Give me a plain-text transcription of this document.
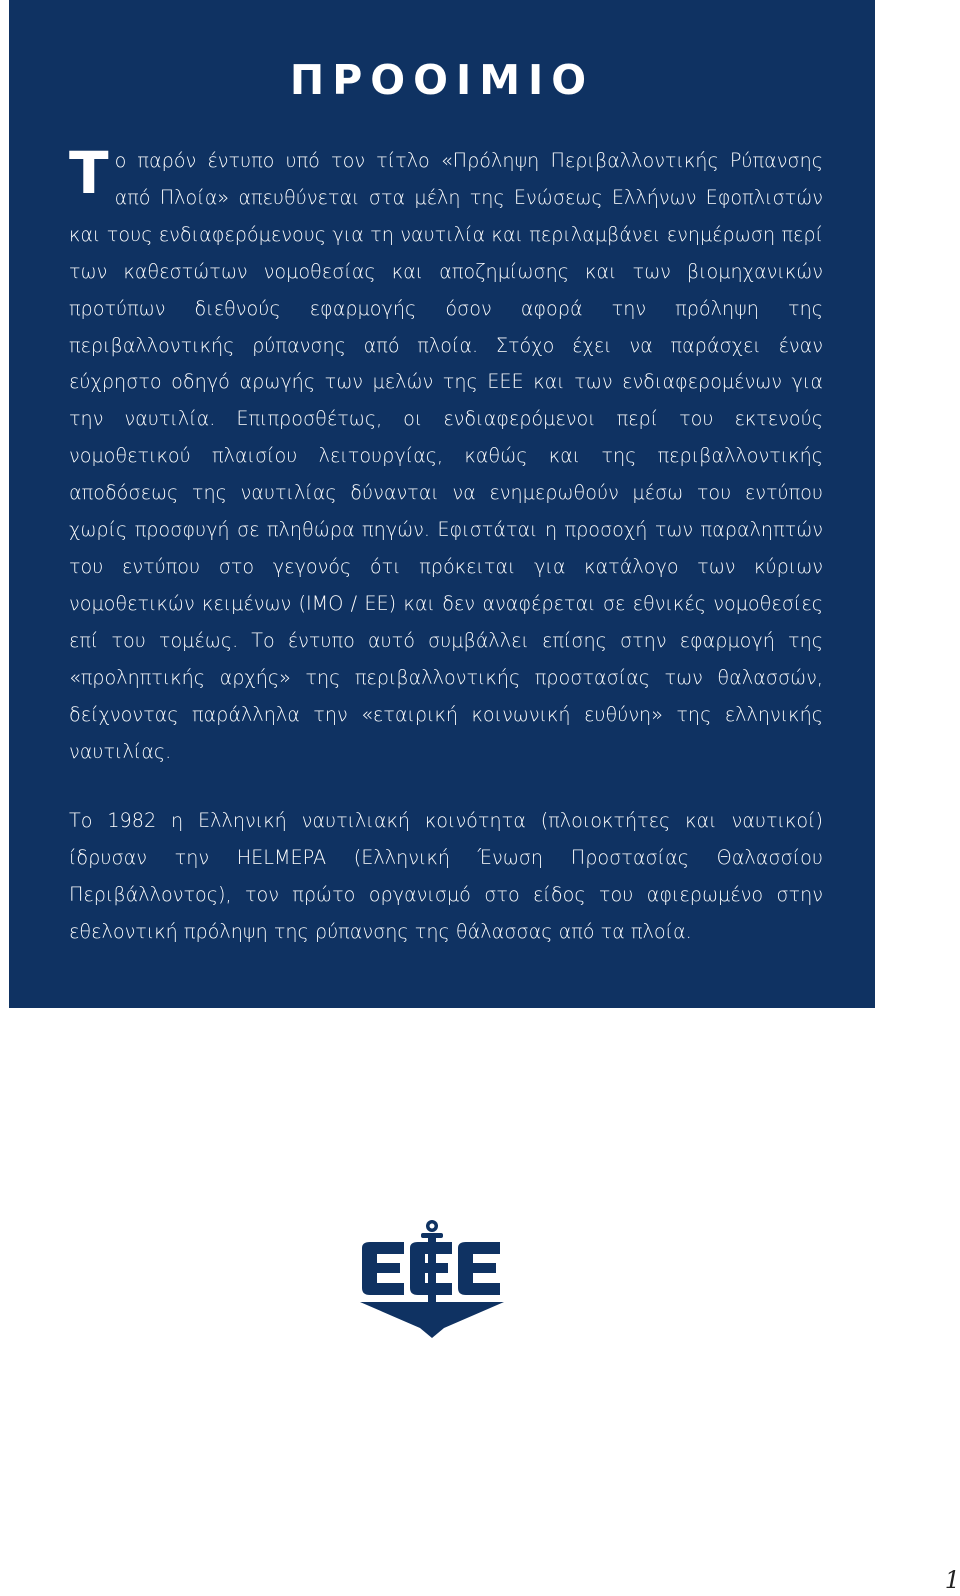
ΠΡΟΟΙΜΙΟ

Το παρόν έντυπο υπό τον τίτλο «Πρόληψη Περιβαλλοντικής Ρύπανσης από Πλοία» απευθύνεται στα μέλη της Ενώσεως Ελλήνων Εφοπλιστών και τους ενδιαφερόμενους για τη ναυτιλία και περιλαμβάνει ενημέρωση περί των καθεστώτων νομοθεσίας και αποζημίωσης και των βιομηχανικών προτύπων διεθνούς εφαρμογής όσον αφορά την πρόληψη της περιβαλλοντικής ρύπανσης από πλοία. Στόχο έχει να παράσχει έναν εύχρηστο οδηγό αρωγής των μελών της ΕΕΕ και των ενδιαφερομένων για την ναυτιλία. Επιπροσθέτως, οι ενδιαφερόμενοι περί του εκτενούς νομοθετικού πλαισίου λειτουργίας, καθώς και της περιβαλλοντικής αποδόσεως της ναυτιλίας δύνανται να ενημερωθούν μέσω του εντύπου χωρίς προσφυγή σε πληθώρα πηγών. Εφιστάται η προσοχή των παραληπτών του εντύπου στο γεγονός ότι πρόκειται για κατάλογο των κύριων νομοθετικών κειμένων (ΙΜΟ / ΕΕ) και δεν αναφέρεται σε εθνικές νομοθεσίες επί του τομέως. Το έντυπο αυτό συμβάλλει επίσης στην εφαρμογή της «προληπτικής αρχής» της περιβαλλοντικής προστασίας των θαλασσών, δείχνοντας παράλληλα την «εταιρική κοινωνική ευθύνη» της ελληνικής ναυτιλίας.

Το 1982 η Ελληνική ναυτιλιακή κοινότητα (πλοιοκτήτες και ναυτικοί) ίδρυσαν την HELMEPA (Ελληνική Ένωση Προστασίας Θαλασσίου Περιβάλλοντος), τον πρώτο οργανισμό στο είδος του αφιερωμένο στην εθελοντική πρόληψη της ρύπανσης της θάλασσας από τα πλοία.

1
